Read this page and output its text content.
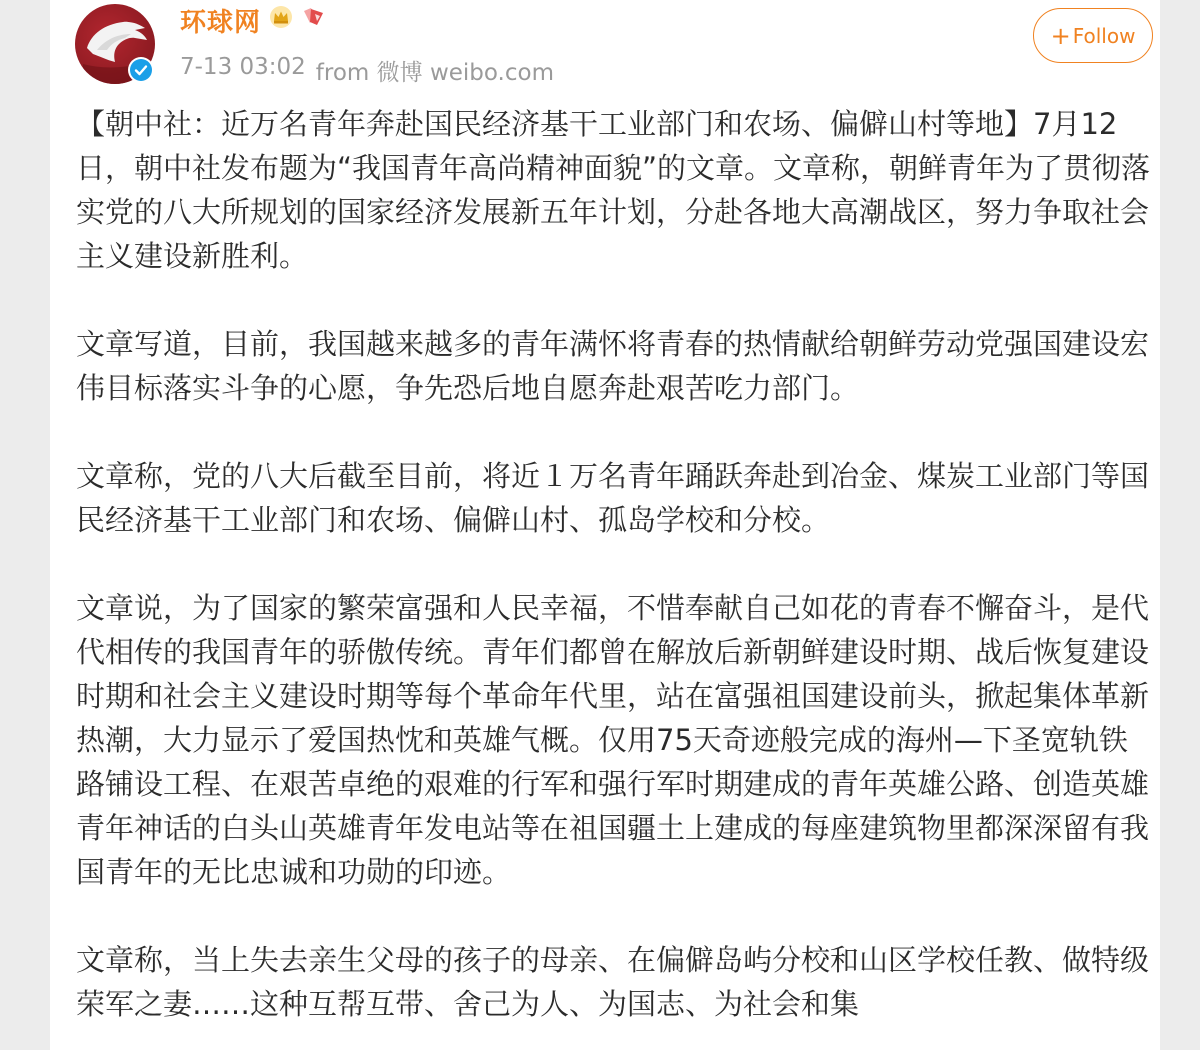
环球网
7-13 03:02 from 微博 weibo.com
+ Follow

【朝中社：近万名青年奔赴国民经济基干工业部门和农场、偏僻山村等地】7月12日，朝中社发布题为“我国青年高尚精神面貌”的文章。文章称，朝鲜青年为了贯彻落实党的八大所规划的国家经济发展新五年计划，分赴各地大高潮战区，努力争取社会主义建设新胜利。

文章写道，目前，我国越来越多的青年满怀将青春的热情献给朝鲜劳动党强国建设宏伟目标落实斗争的心愿，争先恐后地自愿奔赴艰苦吃力部门。

文章称，党的八大后截至目前，将近１万名青年踊跃奔赴到冶金、煤炭工业部门等国民经济基干工业部门和农场、偏僻山村、孤岛学校和分校。

文章说，为了国家的繁荣富强和人民幸福，不惜奉献自己如花的青春不懈奋斗，是代代相传的我国青年的骄傲传统。青年们都曾在解放后新朝鲜建设时期、战后恢复建设时期和社会主义建设时期等每个革命年代里，站在富强祖国建设前头，掀起集体革新热潮，大力显示了爱国热忱和英雄气概。仅用75天奇迹般完成的海州—下圣宽轨铁路铺设工程、在艰苦卓绝的艰难的行军和强行军时期建成的青年英雄公路、创造英雄青年神话的白头山英雄青年发电站等在祖国疆土上建成的每座建筑物里都深深留有我国青年的无比忠诚和功勋的印迹。

文章称，当上失去亲生父母的孩子的母亲、在偏僻岛屿分校和山区学校任教、做特级荣军之妻……这种互帮互带、舍己为人、为国志、为社会和集
